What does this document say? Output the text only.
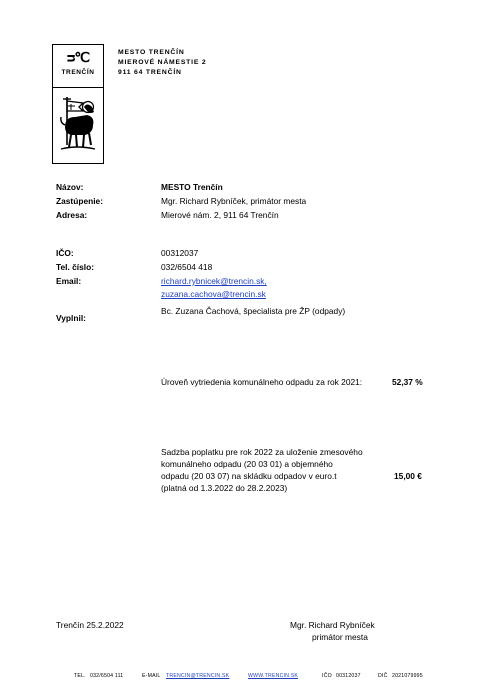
ᴝ℃
TRENČÍN
MESTO TRENČÍN
MIEROVÉ NÁMESTIE 2
911 64 TRENČÍN
Názov:	MESTO Trenčín
Zastúpenie:	Mgr. Richard Rybníček, primátor mesta
Adresa:	Mierové nám. 2, 911 64 Trenčín
IČO:	00312037
Tel. číslo:	032/6504 418
Email:	richard.rybnicek@trencin.sk,
zuzana.cachova@trencin.sk
Vyplnil:
Bc. Zuzana Čachová, špecialista pre ŽP (odpady)
Úroveň vytriedenia komunálneho odpadu za rok 2021:	52,37 %
Sadzba poplatku pre rok 2022 za uloženie zmesového
komunálneho odpadu (20 03 01) a objemného
odpadu (20 03 07) na skládku odpadov v euro.t
(platná od 1.3.2022 do 28.2.2023)
15,00 €
Trenčín 25.2.2022	Mgr. Richard Rybníček
primátor mesta
TEL. 032/6504 111	E-MAIL TRENCIN@TRENCIN.SK	WWW.TRENCIN.SK	IČO 00312037	DIČ 2021079995
